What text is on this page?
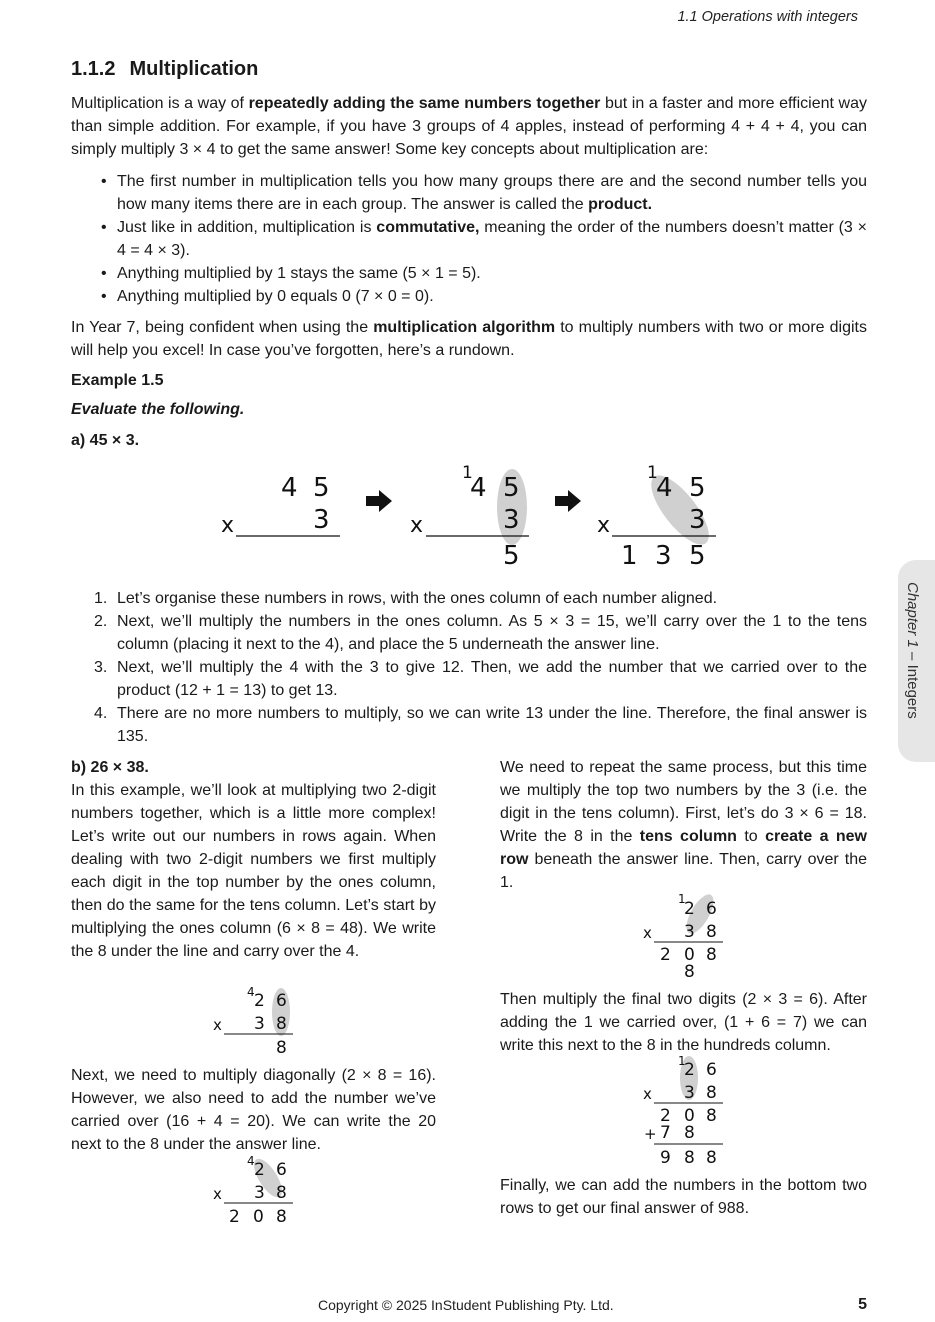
1.1 Operations with integers
1.1.2 Multiplication

Multiplication is a way of repeatedly adding the same numbers together but in a faster and more efficient way than simple addition. For example, if you have 3 groups of 4 apples, instead of performing 4 + 4 + 4, you can simply multiply 3 × 4 to get the same answer! Some key concepts about multiplication are:

• The first number in multiplication tells you how many groups there are and the second number tells you how many items there are in each group. The answer is called the product.
• Just like in addition, multiplication is commutative, meaning the order of the numbers doesn’t matter (3 × 4 = 4 × 3).
• Anything multiplied by 1 stays the same (5 × 1 = 5).
• Anything multiplied by 0 equals 0 (7 × 0 = 0).

In Year 7, being confident when using the multiplication algorithm to multiply numbers with two or more digits will help you excel! In case you’ve forgotten, here’s a rundown.

Example 1.5
Evaluate the following.
a) 45 × 3.
4 5
x	3
1
4 5
x	3
5
1
4 5
x	3
1 3 5
1. Let’s organise these numbers in rows, with the ones column of each number aligned.
2. Next, we’ll multiply the numbers in the ones column. As 5 × 3 = 15, we’ll carry over the 1 to the tens column (placing it next to the 4), and place the 5 underneath the answer line.
3. Next, we’ll multiply the 4 with the 3 to give 12. Then, we add the number that we carried over to the product (12 + 1 = 13) to get 13.
4. There are no more numbers to multiply, so we can write 13 under the line. Therefore, the final answer is 135.
b) 26 × 38.

In this example, we’ll look at multiplying two 2-digit numbers together, which is a little more complex! Let’s write out our numbers in rows again. When dealing with two 2-digit numbers we first multiply each digit in the top number by the ones column, then do the same for the tens column. Let’s start by multiplying the ones column (6 × 8 = 48). We write the 8 under the line and carry over the 4.

4 2 6
x 3 8
8

Next, we need to multiply diagonally (2 × 8 = 16). However, we also need to add the number we’ve carried over (16 + 4 = 20). We can write the 20 next to the 8 under the answer line.

4 2 6
x 3 8
2 0 8

We need to repeat the same process, but this time we multiply the top two numbers by the 3 (i.e. the digit in the tens column). First, let’s do 3 × 6 = 18. Write the 8 in the tens column to create a new row beneath the answer line. Then, carry over the 1.

1
2 6
x 3 8
2 0 8
8

Then multiply the final two digits (2 × 3 = 6). After adding the 1 we carried over, (1 + 6 = 7) we can write this next to the 8 in the hundreds column.

1
2 6
x 3 8
2 0 8
+ 7 8
9 8 8

Finally, we can add the numbers in the bottom two rows to get our final answer of 988.

Chapter 1 – Integers
Copyright © 2025 InStudent Publishing Pty. Ltd.	5
